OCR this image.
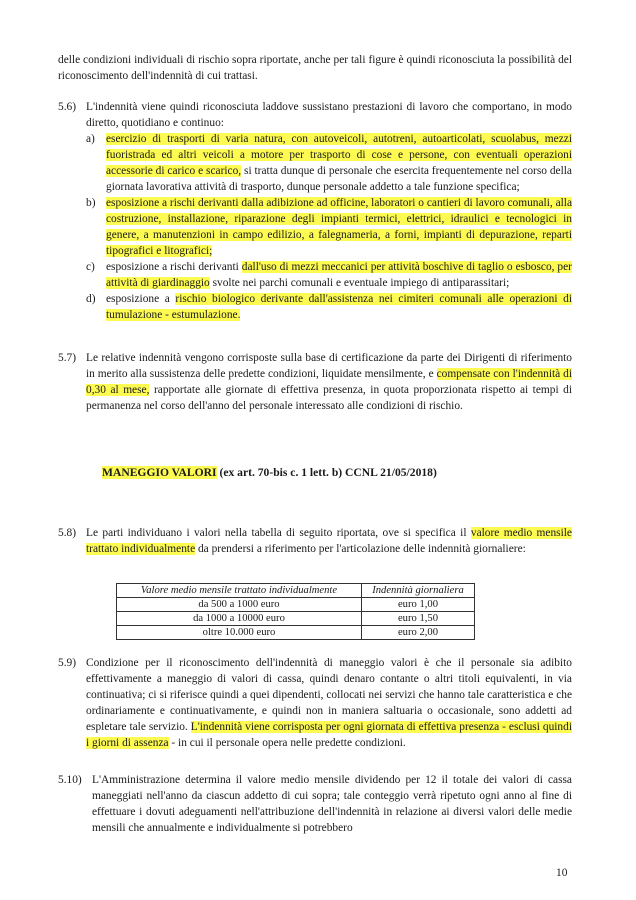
delle condizioni individuali di rischio sopra riportate, anche per tali figure è quindi riconosciuta la possibilità del riconoscimento dell'indennità di cui trattasi.

5.6) L'indennità viene quindi riconosciuta laddove sussistano prestazioni di lavoro che comportano, in modo diretto, quotidiano e continuo:

a) esercizio di trasporti di varia natura, con autoveicoli, autotreni, autoarticolati, scuolabus, mezzi fuoristrada ed altri veicoli a motore per trasporto di cose e persone, con eventuali operazioni accessorie di carico e scarico, si tratta dunque di personale che esercita frequentemente nel corso della giornata lavorativa attività di trasporto, dunque personale addetto a tale funzione specifica;
b) esposizione a rischi derivanti dalla adibizione ad officine, laboratori o cantieri di lavoro comunali, alla costruzione, installazione, riparazione degli impianti termici, elettrici, idraulici e tecnologici in genere, a manutenzioni in campo edilizio, a falegnameria, a forni, impianti di depurazione, reparti tipografici e litografici;
c) esposizione a rischi derivanti dall'uso di mezzi meccanici per attività boschive di taglio o esbosco, per attività di giardinaggio svolte nei parchi comunali e eventuale impiego di antiparassitari;
d) esposizione a rischio biologico derivante dall'assistenza nei cimiteri comunali alle operazioni di tumulazione - estumulazione.
5.7) Le relative indennità vengono corrisposte sulla base di certificazione da parte dei Dirigenti di riferimento in merito alla sussistenza delle predette condizioni, liquidate mensilmente, e compensate con l'indennità di 0,30 al mese, rapportate alle giornate di effettiva presenza, in quota proporzionata rispetto ai tempi di permanenza nel corso dell'anno del personale interessato alle condizioni di rischio.

MANEGGIO VALORI (ex art. 70-bis c. 1 lett. b) CCNL 21/05/2018)
5.8) Le parti individuano i valori nella tabella di seguito riportata, ove si specifica il valore medio mensile trattato individualmente da prendersi a riferimento per l'articolazione delle indennità giornaliere:

Valore medio mensile trattato individualmente	Indennità giornaliera
da 500 a 1000 euro	euro 1,00
da 1000 a 10000 euro	euro 1,50
oltre 10.000 euro	euro 2,00
5.9) Condizione per il riconoscimento dell'indennità di maneggio valori è che il personale sia adibito effettivamente a maneggio di valori di cassa, quindi denaro contante o altri titoli equivalenti, in via continuativa; ci si riferisce quindi a quei dipendenti, collocati nei servizi che hanno tale caratteristica e che ordinariamente e continuativamente, e quindi non in maniera saltuaria o occasionale, sono addetti ad espletare tale servizio. L'indennità viene corrisposta per ogni giornata di effettiva presenza - esclusi quindi i giorni di assenza - in cui il personale opera nelle predette condizioni.

5.10) L'Amministrazione determina il valore medio mensile dividendo per 12 il totale dei valori di cassa maneggiati nell'anno da ciascun addetto di cui sopra; tale conteggio verrà ripetuto ogni anno al fine di effettuare i dovuti adeguamenti nell'attribuzione dell'indennità in relazione ai diversi valori delle medie mensili che annualmente e individualmente si potrebbero

10
